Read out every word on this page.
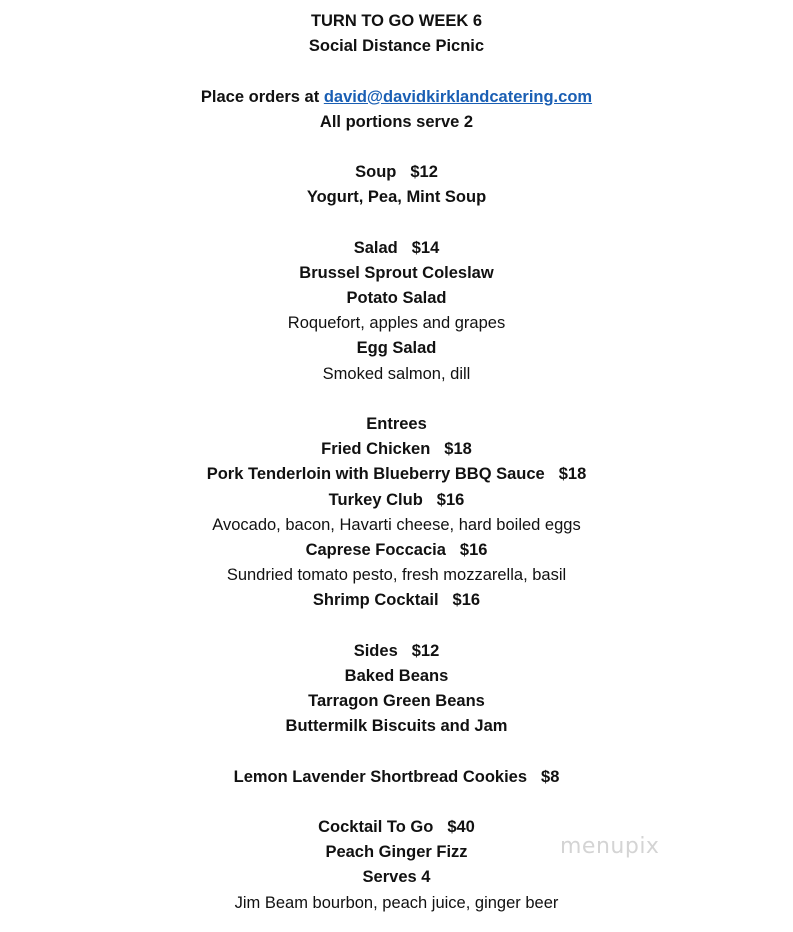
TURN TO GO WEEK 6
Social Distance Picnic
Place orders at david@davidkirklandcatering.com
All portions serve 2
Soup $12
Yogurt, Pea, Mint Soup
Salad $14
Brussel Sprout Coleslaw
Potato Salad
Roquefort, apples and grapes
Egg Salad
Smoked salmon, dill
Entrees
Fried Chicken $18
Pork Tenderloin with Blueberry BBQ Sauce $18
Turkey Club $16
Avocado, bacon, Havarti cheese, hard boiled eggs
Caprese Foccacia $16
Sundried tomato pesto, fresh mozzarella, basil
Shrimp Cocktail $16
Sides $12
Baked Beans
Tarragon Green Beans
Buttermilk Biscuits and Jam
Lemon Lavender Shortbread Cookies $8
Cocktail To Go $40
Peach Ginger Fizz
Serves 4
Jim Beam bourbon, peach juice, ginger beer
menupix
